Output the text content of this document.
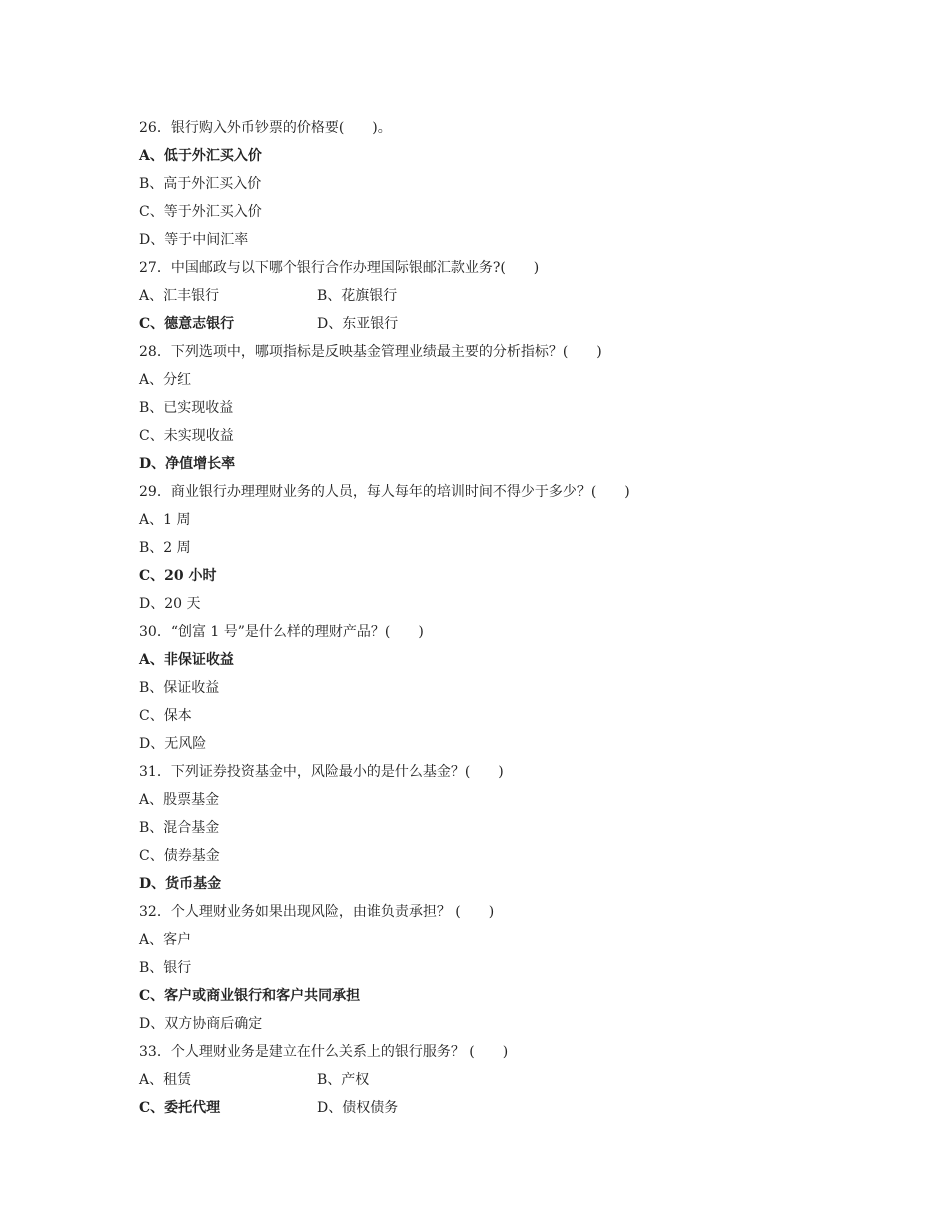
26．银行购入外币钞票的价格要(　　)。
A、低于外汇买入价
B、高于外汇买入价
C、等于外汇买入价
D、等于中间汇率
27．中国邮政与以下哪个银行合作办理国际银邮汇款业务?(　　)
A、汇丰银行	B、花旗银行
C、德意志银行	D、东亚银行
28．下列选项中，哪项指标是反映基金管理业绩最主要的分析指标？(　　)
A、分红
B、已实现收益
C、未实现收益
D、净值增长率
29．商业银行办理理财业务的人员，每人每年的培训时间不得少于多少？(　　)
A、1 周
B、2 周
C、20 小时
D、20 天
30．“创富 1 号”是什么样的理财产品？(　　)
A、非保证收益
B、保证收益
C、保本
D、无风险
31．下列证券投资基金中，风险最小的是什么基金？(　　)
A、股票基金
B、混合基金
C、债券基金
D、货币基金
32．个人理财业务如果出现风险，由谁负责承担？ (　　)
A、客户
B、银行
C、客户或商业银行和客户共同承担
D、双方协商后确定
33．个人理财业务是建立在什么关系上的银行服务？ (　　)
A、租赁	B、产权
C、委托代理	D、债权债务
